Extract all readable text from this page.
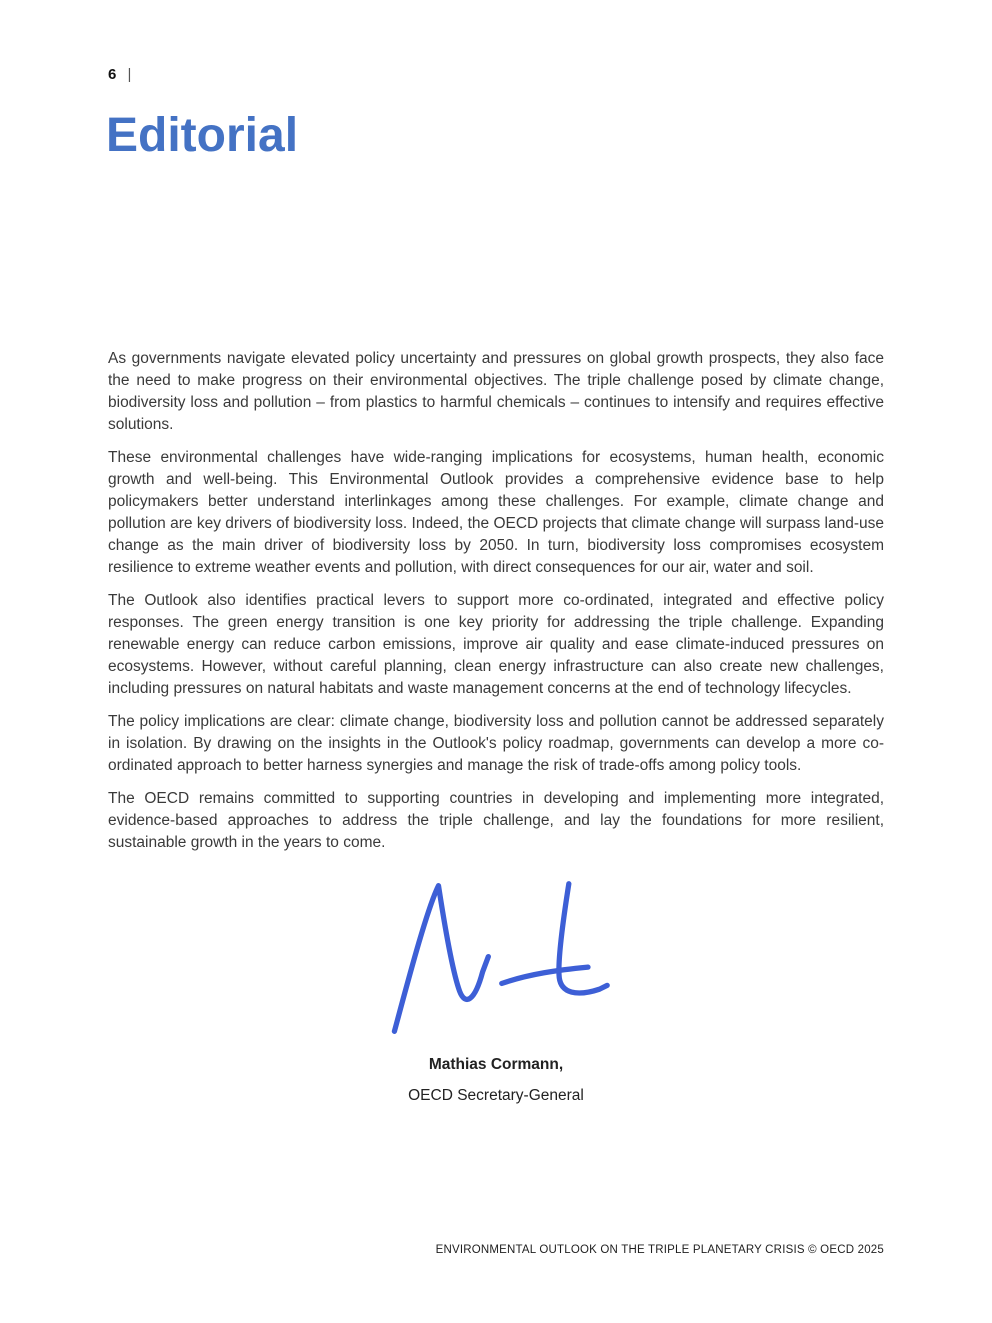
6 |
Editorial

As governments navigate elevated policy uncertainty and pressures on global growth prospects, they also face the need to make progress on their environmental objectives. The triple challenge posed by climate change, biodiversity loss and pollution – from plastics to harmful chemicals – continues to intensify and requires effective solutions.

These environmental challenges have wide-ranging implications for ecosystems, human health, economic growth and well-being. This Environmental Outlook provides a comprehensive evidence base to help policymakers better understand interlinkages among these challenges. For example, climate change and pollution are key drivers of biodiversity loss. Indeed, the OECD projects that climate change will surpass land-use change as the main driver of biodiversity loss by 2050. In turn, biodiversity loss compromises ecosystem resilience to extreme weather events and pollution, with direct consequences for our air, water and soil.

The Outlook also identifies practical levers to support more co-ordinated, integrated and effective policy responses. The green energy transition is one key priority for addressing the triple challenge. Expanding renewable energy can reduce carbon emissions, improve air quality and ease climate-induced pressures on ecosystems. However, without careful planning, clean energy infrastructure can also create new challenges, including pressures on natural habitats and waste management concerns at the end of technology lifecycles.

The policy implications are clear: climate change, biodiversity loss and pollution cannot be addressed separately in isolation. By drawing on the insights in the Outlook's policy roadmap, governments can develop a more co-ordinated approach to better harness synergies and manage the risk of trade-offs among policy tools.

The OECD remains committed to supporting countries in developing and implementing more integrated, evidence-based approaches to address the triple challenge, and lay the foundations for more resilient, sustainable growth in the years to come.

Mathias Cormann,
OECD Secretary-General
ENVIRONMENTAL OUTLOOK ON THE TRIPLE PLANETARY CRISIS © OECD 2025
